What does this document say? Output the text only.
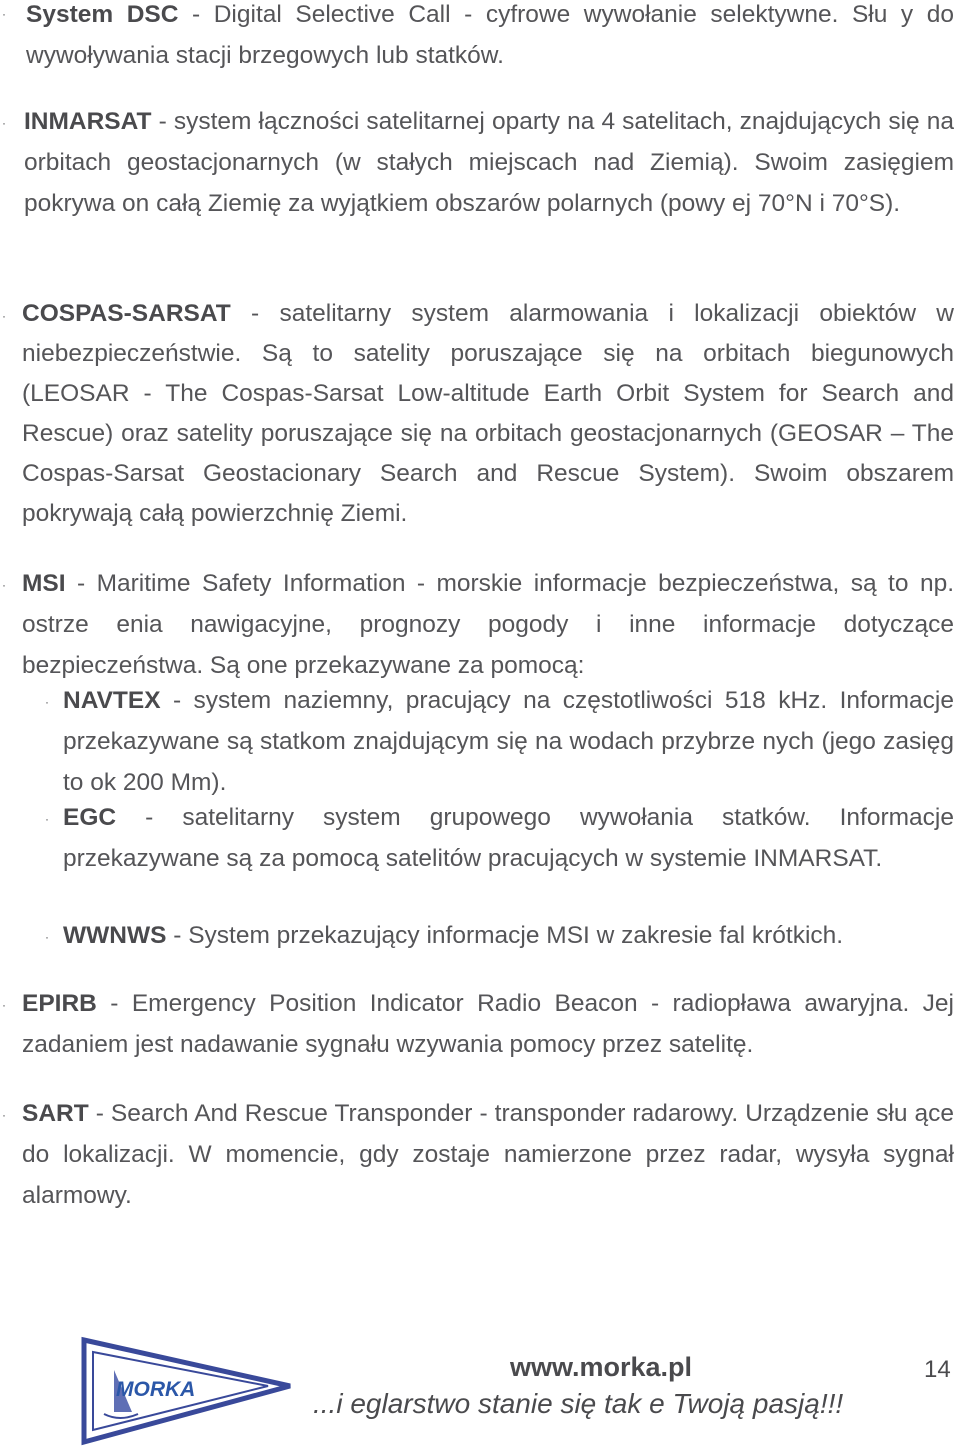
· System DSC - Digital Selective Call - cyfrowe wywołanie selektywne. Słu y do wywoływania stacji brzegowych lub statków.
· INMARSAT - system łączności satelitarnej oparty na 4 satelitach, znajdujących się na orbitach geostacjonarnych (w stałych miejscach nad Ziemią). Swoim zasięgiem pokrywa on całą Ziemię za wyjątkiem obszarów polarnych (powy ej 70°N i 70°S).
· COSPAS-SARSAT - satelitarny system alarmowania i lokalizacji obiektów w niebezpieczeństwie. Są to satelity poruszające się na orbitach biegunowych (LEOSAR - The Cospas-Sarsat Low-altitude Earth Orbit System for Search and Rescue) oraz satelity poruszające się na orbitach geostacjonarnych (GEOSAR – The Cospas-Sarsat Geostacionary Search and Rescue System). Swoim obszarem pokrywają całą powierzchnię Ziemi.
· MSI - Maritime Safety Information - morskie informacje bezpieczeństwa, są to np. ostrze enia nawigacyjne, prognozy pogody i inne informacje dotyczące bezpieczeństwa. Są one przekazywane za pomocą:
· NAVTEX - system naziemny, pracujący na częstotliwości 518 kHz. Informacje przekazywane są statkom znajdującym się na wodach przybrze nych (jego zasięg to ok 200 Mm).
· EGC - satelitarny system grupowego wywołania statków. Informacje przekazywane są za pomocą satelitów pracujących w systemie INMARSAT.
· WWNWS - System przekazujący informacje MSI w zakresie fal krótkich.
· EPIRB - Emergency Position Indicator Radio Beacon - radiopława awaryjna. Jej zadaniem jest nadawanie sygnału wzywania pomocy przez satelitę.
· SART - Search And Rescue Transponder - transponder radarowy. Urządzenie słu ące do lokalizacji. W momencie, gdy zostaje namierzone przez radar, wysyła sygnał alarmowy.
MORKA
www.morka.pl	14
...i eglarstwo stanie się tak e Twoją pasją!!!
